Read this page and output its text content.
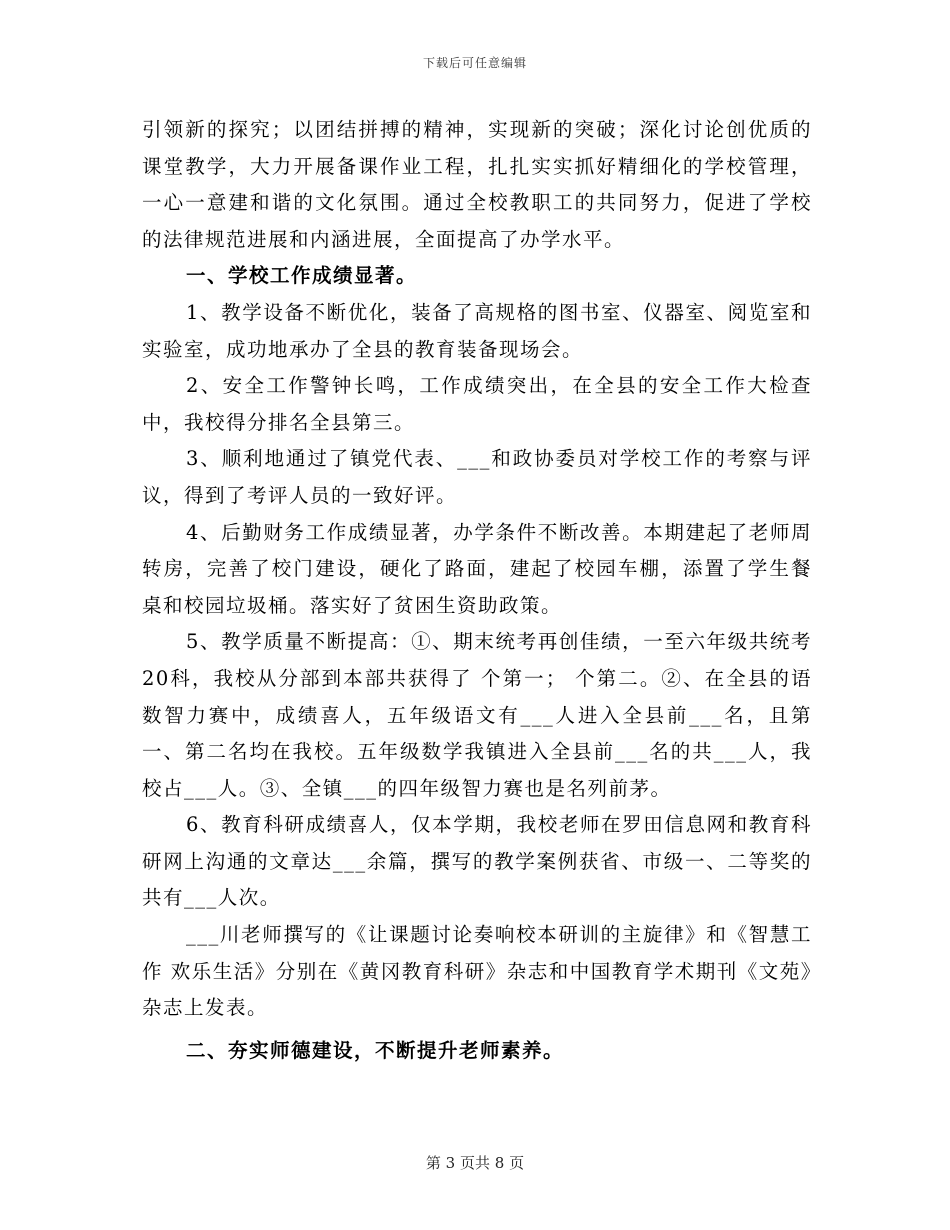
下载后可任意编辑

引领新的探究；以团结拼搏的精神，实现新的突破；深化讨论创优质的课堂教学，大力开展备课作业工程，扎扎实实抓好精细化的学校管理，一心一意建和谐的文化氛围。通过全校教职工的共同努力，促进了学校的法律规范进展和内涵进展，全面提高了办学水平。

一、学校工作成绩显著。

1、教学设备不断优化，装备了高规格的图书室、仪器室、阅览室和实验室，成功地承办了全县的教育装备现场会。

2、安全工作警钟长鸣，工作成绩突出，在全县的安全工作大检查中，我校得分排名全县第三。

3、顺利地通过了镇党代表、___和政协委员对学校工作的考察与评议，得到了考评人员的一致好评。

4、后勤财务工作成绩显著，办学条件不断改善。本期建起了老师周转房，完善了校门建设，硬化了路面，建起了校园车棚，添置了学生餐桌和校园垃圾桶。落实好了贫困生资助政策。

5、教学质量不断提高：①、期末统考再创佳绩，一至六年级共统考20科，我校从分部到本部共获得了 个第一； 个第二。②、在全县的语数智力赛中，成绩喜人，五年级语文有___人进入全县前___名，且第一、第二名均在我校。五年级数学我镇进入全县前___名的共___人，我校占___人。③、全镇___的四年级智力赛也是名列前茅。

6、教育科研成绩喜人，仅本学期，我校老师在罗田信息网和教育科研网上沟通的文章达___余篇，撰写的教学案例获省、市级一、二等奖的共有___人次。

___川老师撰写的《让课题讨论奏响校本研训的主旋律》和《智慧工作 欢乐生活》分别在《黄冈教育科研》杂志和中国教育学术期刊《文苑》杂志上发表。

二、夯实师德建设，不断提升老师素养。

第 3 页共 8 页
